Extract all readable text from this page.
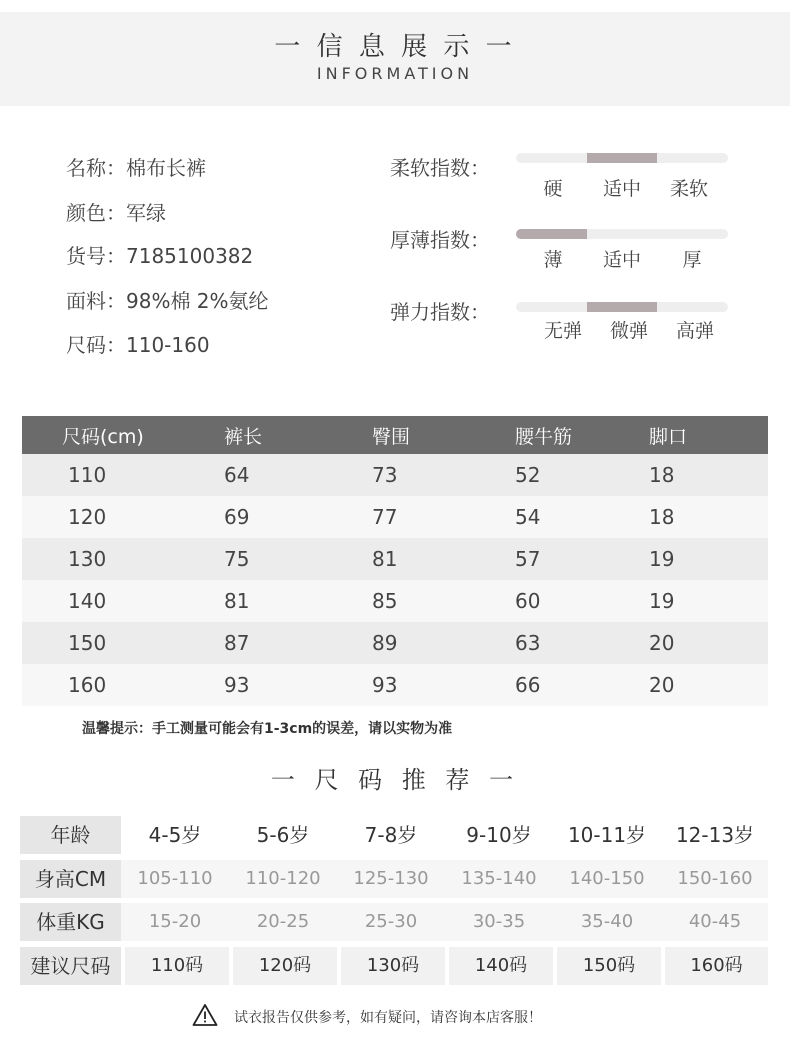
一 信 息 展 示 一
INFORMATION
名称：棉布长裤
颜色：军绿
货号：7185100382
面料：98%棉 2%氨纶
尺码：110-160
柔软指数：
硬	适中	柔软
厚薄指数：
薄	适中	厚
弹力指数：
无弹	微弹	高弹
尺码(cm)	裤长	臀围	腰牛筋	脚口
110	64	73	52	18
120	69	77	54	18
130	75	81	57	19
140	81	85	60	19
150	87	89	63	20
160	93	93	66	20
温馨提示：手工测量可能会有1-3cm的误差，请以实物为准
一 尺 码 推 荐 一
年龄	4-5岁	5-6岁	7-8岁	9-10岁	10-11岁	12-13岁
身高CM	105-110	110-120	125-130	135-140	140-150	150-160
体重KG	15-20	20-25	25-30	30-35	35-40	40-45
建议尺码	110码	120码	130码	140码	150码	160码
试衣报告仅供参考，如有疑问，请咨询本店客服！
